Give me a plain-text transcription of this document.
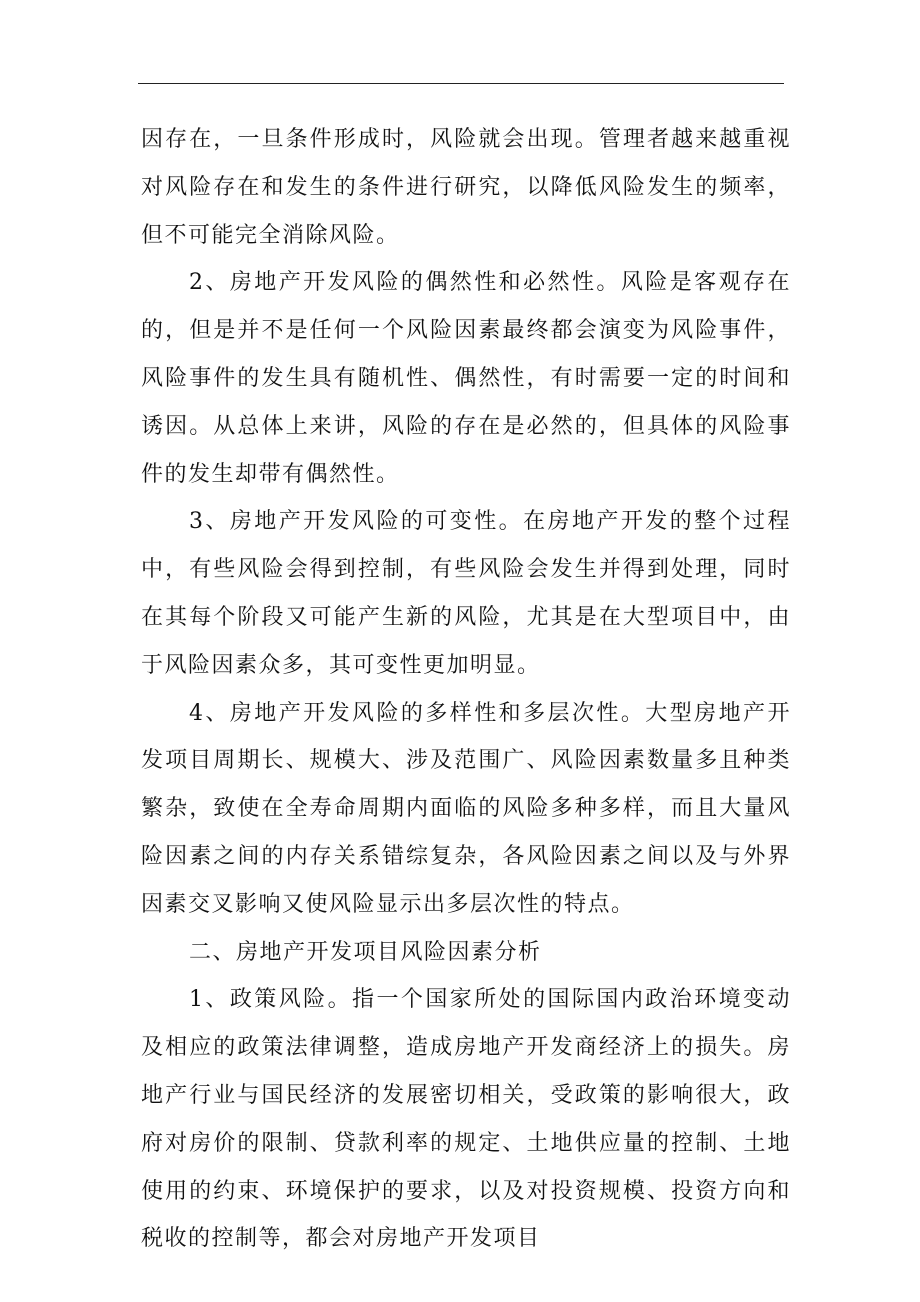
因存在，一旦条件形成时，风险就会出现。管理者越来越重视对风险存在和发生的条件进行研究，以降低风险发生的频率，但不可能完全消除风险。

2、房地产开发风险的偶然性和必然性。风险是客观存在的，但是并不是任何一个风险因素最终都会演变为风险事件，风险事件的发生具有随机性、偶然性，有时需要一定的时间和诱因。从总体上来讲，风险的存在是必然的，但具体的风险事件的发生却带有偶然性。

3、房地产开发风险的可变性。在房地产开发的整个过程中，有些风险会得到控制，有些风险会发生并得到处理，同时在其每个阶段又可能产生新的风险，尤其是在大型项目中，由于风险因素众多，其可变性更加明显。

4、房地产开发风险的多样性和多层次性。大型房地产开发项目周期长、规模大、涉及范围广、风险因素数量多且种类繁杂，致使在全寿命周期内面临的风险多种多样，而且大量风险因素之间的内存关系错综复杂，各风险因素之间以及与外界因素交叉影响又使风险显示出多层次性的特点。

二、房地产开发项目风险因素分析

1、政策风险。指一个国家所处的国际国内政治环境变动及相应的政策法律调整，造成房地产开发商经济上的损失。房地产行业与国民经济的发展密切相关，受政策的影响很大，政府对房价的限制、贷款利率的规定、土地供应量的控制、土地使用的约束、环境保护的要求，以及对投资规模、投资方向和税收的控制等，都会对房地产开发项目
